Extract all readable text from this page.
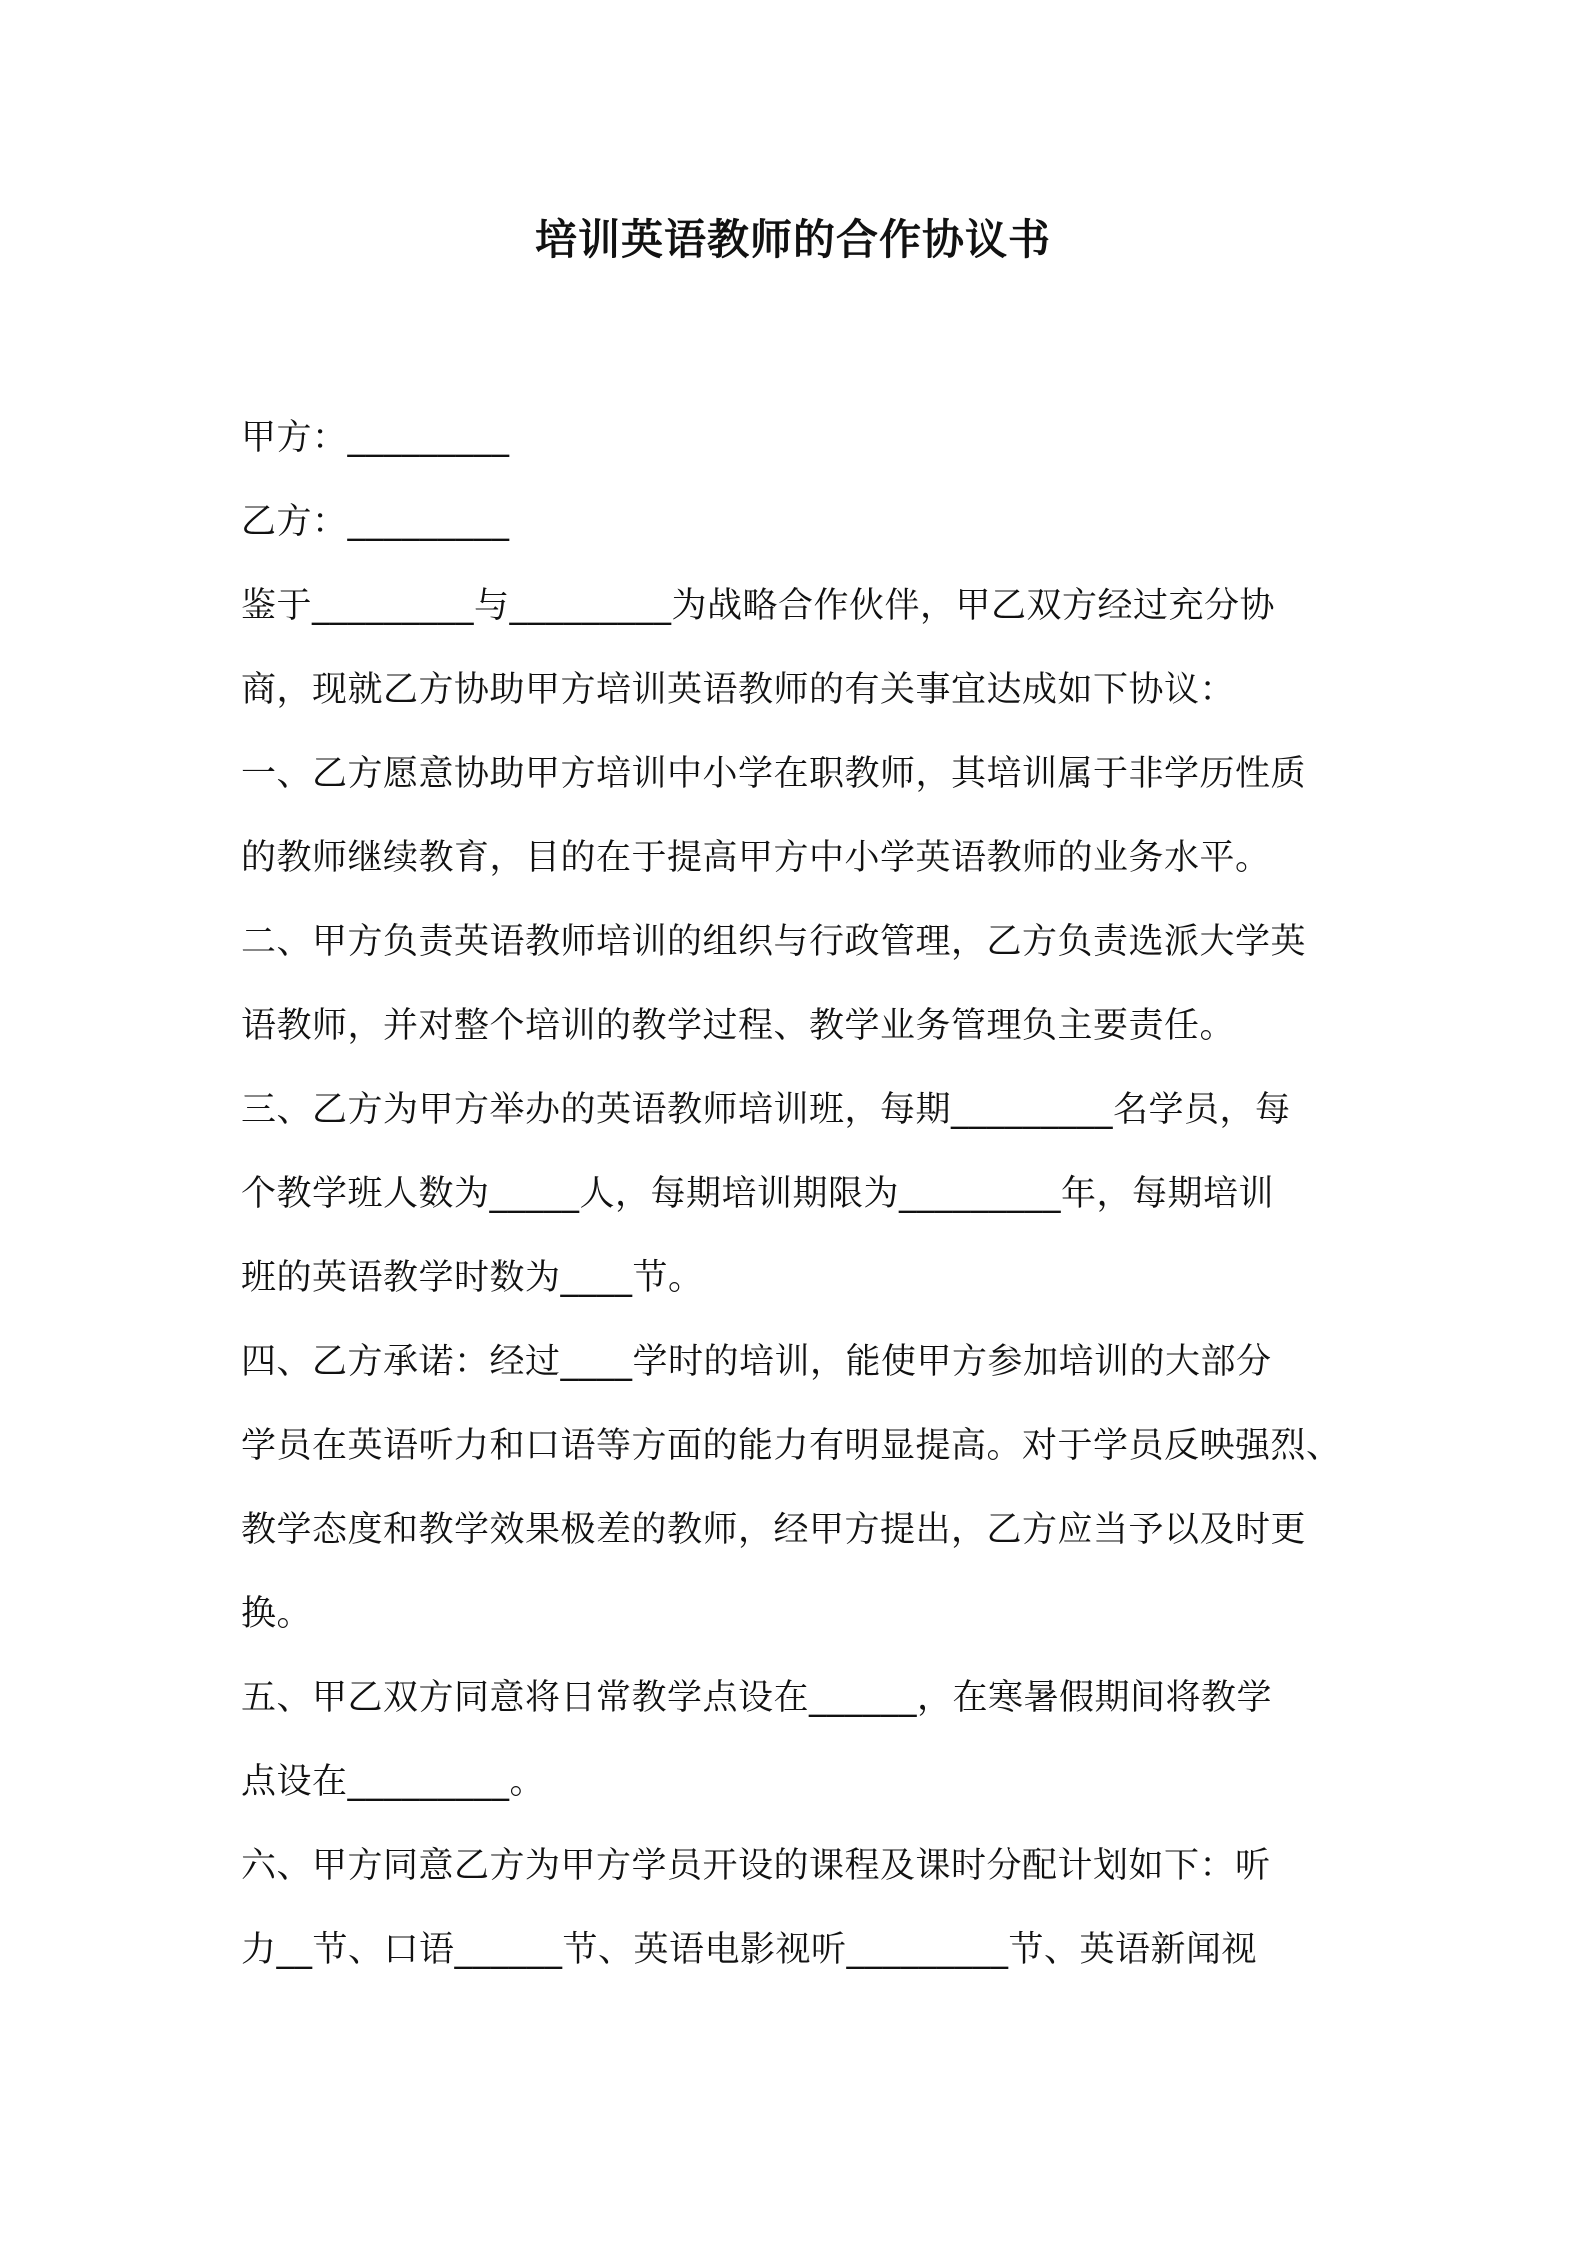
培训英语教师的合作协议书
甲方：_________
乙方：_________
鉴于_________与_________为战略合作伙伴，甲乙双方经过充分协
商，现就乙方协助甲方培训英语教师的有关事宜达成如下协议：
一、乙方愿意协助甲方培训中小学在职教师，其培训属于非学历性质
的教师继续教育，目的在于提高甲方中小学英语教师的业务水平。
二、甲方负责英语教师培训的组织与行政管理，乙方负责选派大学英
语教师，并对整个培训的教学过程、教学业务管理负主要责任。
三、乙方为甲方举办的英语教师培训班，每期_________名学员，每
个教学班人数为_____人，每期培训期限为_________年，每期培训
班的英语教学时数为____节。
四、乙方承诺：经过____学时的培训，能使甲方参加培训的大部分
学员在英语听力和口语等方面的能力有明显提高。对于学员反映强烈、
教学态度和教学效果极差的教师，经甲方提出，乙方应当予以及时更
换。
五、甲乙双方同意将日常教学点设在______，在寒暑假期间将教学
点设在_________。
六、甲方同意乙方为甲方学员开设的课程及课时分配计划如下：听
力__节、口语______节、英语电影视听_________节、英语新闻视
